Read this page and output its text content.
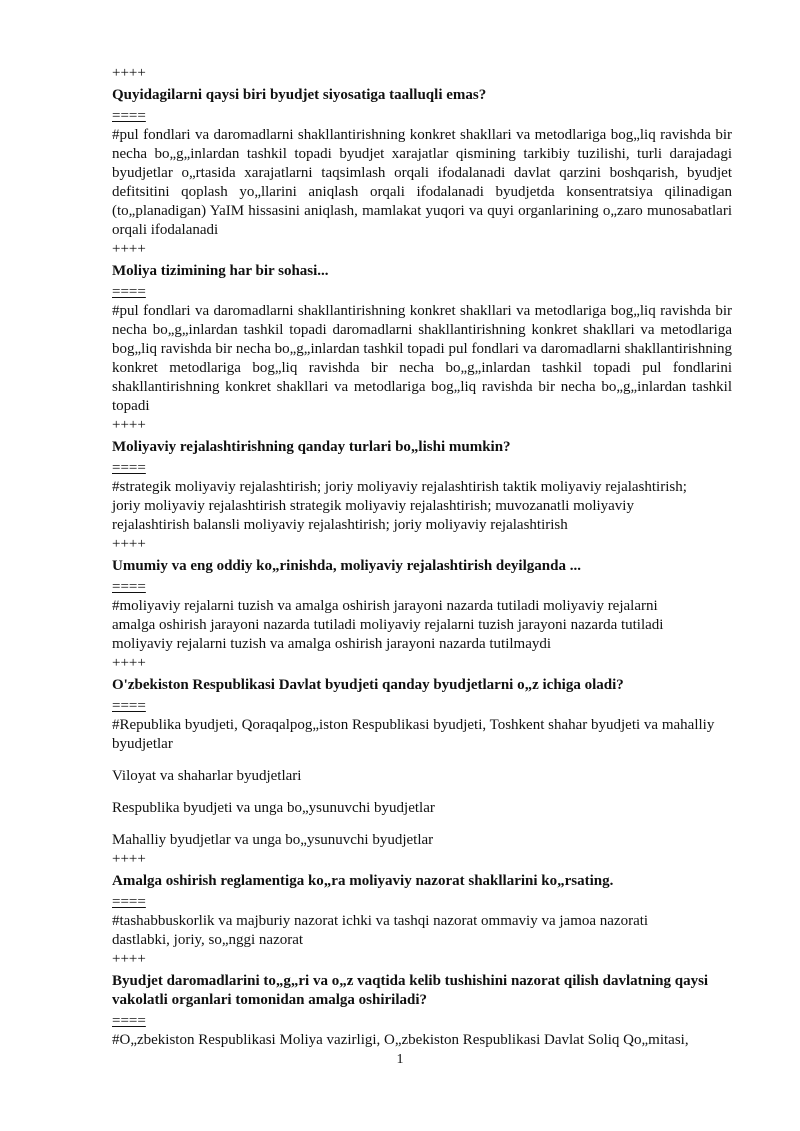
++++

Quyidagilarni qaysi biri byudjet siyosatiga taalluqli emas?

====

#pul fondlari va daromadlarni shakllantirishning konkret shakllari va metodlariga bog„liq ravishda bir necha bo„g„inlardan tashkil topadi byudjet xarajatlar qismining tarkibiy tuzilishi, turli darajadagi byudjetlar o„rtasida xarajatlarni taqsimlash orqali ifodalanadi davlat qarzini boshqarish, byudjet defitsitini qoplash yo„llarini aniqlash orqali ifodalanadi byudjetda konsentratsiya qilinadigan (to„planadigan) YaIM hissasini aniqlash, mamlakat yuqori va quyi organlarining o„zaro munosabatlari orqali ifodalanadi

++++

Moliya tizimining har bir sohasi...

====

#pul fondlari va daromadlarni shakllantirishning konkret shakllari va metodlariga bog„liq ravishda bir necha bo„g„inlardan tashkil topadi daromadlarni shakllantirishning konkret shakllari va metodlariga bog„liq ravishda bir necha bo„g„inlardan tashkil topadi pul fondlari va daromadlarni shakllantirishning konkret metodlariga bog„liq ravishda bir necha bo„g„inlardan tashkil topadi pul fondlarini shakllantirishning konkret shakllari va metodlariga bog„liq ravishda bir necha bo„g„inlardan tashkil topadi

++++

Moliyaviy rejalashtirishning qanday turlari bo„lishi mumkin?

====

#strategik moliyaviy rejalashtirish; joriy moliyaviy rejalashtirish taktik moliyaviy rejalashtirish;
joriy moliyaviy rejalashtirish strategik moliyaviy rejalashtirish; muvozanatli moliyaviy
rejalashtirish balansli moliyaviy rejalashtirish; joriy moliyaviy rejalashtirish

++++

Umumiy va eng oddiy ko„rinishda, moliyaviy rejalashtirish deyilganda ...

====

#moliyaviy rejalarni tuzish va amalga oshirish jarayoni nazarda tutiladi moliyaviy rejalarni
amalga oshirish jarayoni nazarda tutiladi moliyaviy rejalarni tuzish jarayoni nazarda tutiladi
moliyaviy rejalarni tuzish va amalga oshirish jarayoni nazarda tutilmaydi

++++

O'zbekiston Respublikasi Davlat byudjeti qanday byudjetlarni o„z ichiga oladi?

====

#Republika byudjeti, Qoraqalpog„iston Respublikasi byudjeti, Toshkent shahar byudjeti va mahalliy byudjetlar

Viloyat va shaharlar byudjetlari

Respublika byudjeti va unga bo„ysunuvchi byudjetlar

Mahalliy byudjetlar va unga bo„ysunuvchi byudjetlar

++++

Amalga oshirish reglamentiga ko„ra moliyaviy nazorat shakllarini ko„rsating.

====

#tashabbuskorlik va majburiy nazorat ichki va tashqi nazorat ommaviy va jamoa nazorati
dastlabki, joriy, so„nggi nazorat

++++

Byudjet daromadlarini to„g„ri va o„z vaqtida kelib tushishini nazorat qilish davlatning qaysi vakolatli organlari tomonidan amalga oshiriladi?

====

#O„zbekiston Respublikasi Moliya vazirligi, O„zbekiston Respublikasi Davlat Soliq Qo„mitasi,

1
